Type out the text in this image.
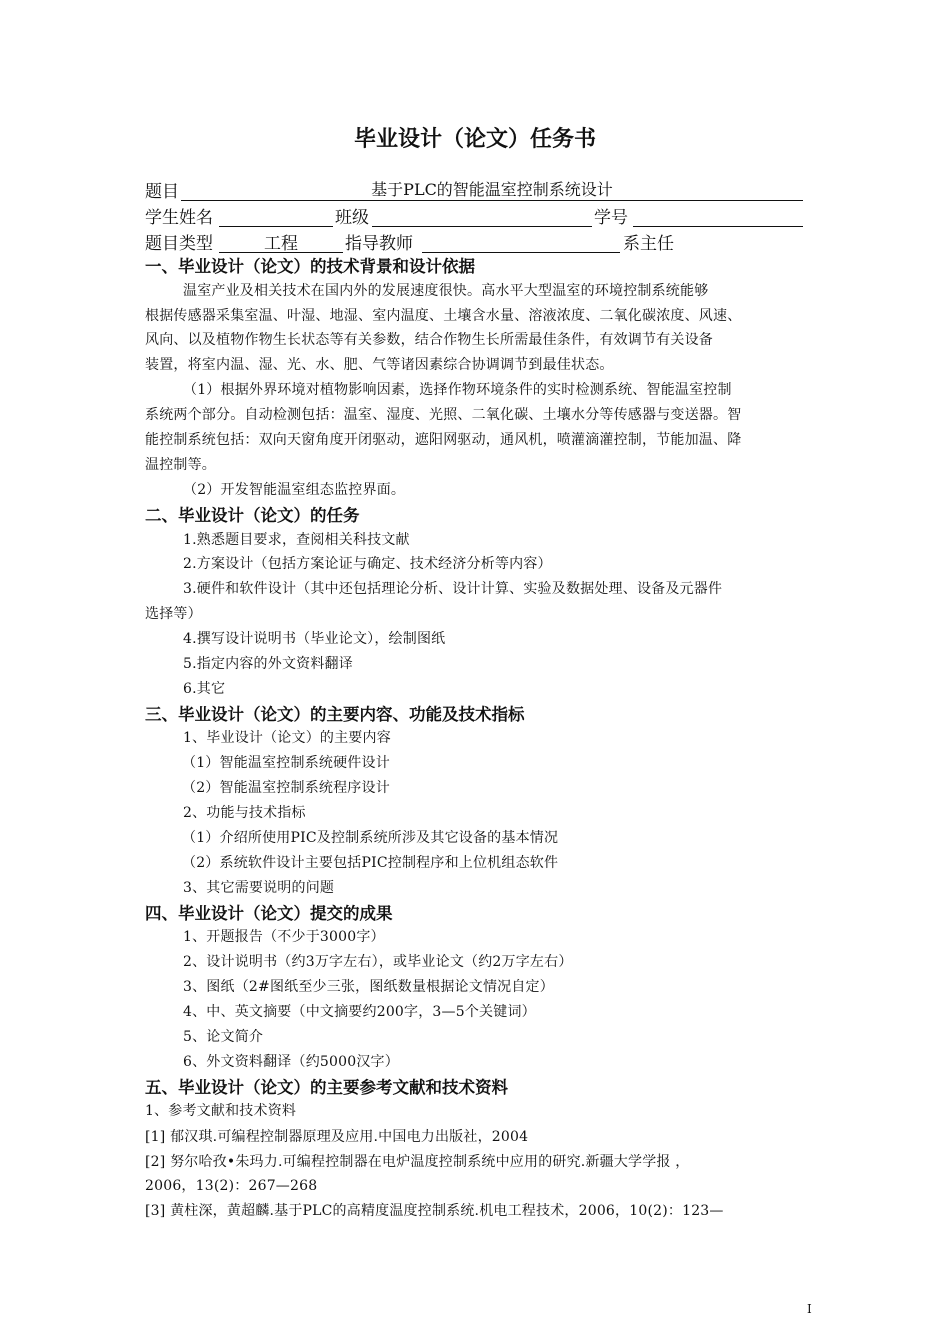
毕业设计（论文）任务书
题目	基于PLC的智能温室控制系统设计
学生姓名	班级	学号
题目类型	工程	指导教师	系主任
一、毕业设计（论文）的技术背景和设计依据
温室产业及相关技术在国内外的发展速度很快。高水平大型温室的环境控制系统能够
根据传感器采集室温、叶湿、地湿、室内温度、土壤含水量、溶液浓度、二氧化碳浓度、风速、
风向、以及植物作物生长状态等有关参数，结合作物生长所需最佳条件，有效调节有关设备
装置，将室内温、湿、光、水、肥、气等诸因素综合协调调节到最佳状态。
（1）根据外界环境对植物影响因素，选择作物环境条件的实时检测系统、智能温室控制
系统两个部分。自动检测包括：温室、湿度、光照、二氧化碳、土壤水分等传感器与变送器。智
能控制系统包括：双向天窗角度开闭驱动，遮阳网驱动，通风机，喷灌滴灌控制，节能加温、降
温控制等。
（2）开发智能温室组态监控界面。
二、毕业设计（论文）的任务
1.熟悉题目要求，查阅相关科技文献
2.方案设计（包括方案论证与确定、技术经济分析等内容）
3.硬件和软件设计（其中还包括理论分析、设计计算、实验及数据处理、设备及元器件
选择等）
4.撰写设计说明书（毕业论文），绘制图纸
5.指定内容的外文资料翻译
6.其它
三、毕业设计（论文）的主要内容、功能及技术指标
1、毕业设计（论文）的主要内容
（1）智能温室控制系统硬件设计
（2）智能温室控制系统程序设计
2、功能与技术指标
（1）介绍所使用PIC及控制系统所涉及其它设备的基本情况
（2）系统软件设计主要包括PIC控制程序和上位机组态软件
3、其它需要说明的问题
四、毕业设计（论文）提交的成果
1、开题报告（不少于3000字）
2、设计说明书（约3万字左右），或毕业论文（约2万字左右）
3、图纸（2#图纸至少三张，图纸数量根据论文情况自定）
4、中、英文摘要（中文摘要约200字，3—5个关键词）
5、论文简介
6、外文资料翻译（约5000汉字）
五、毕业设计（论文）的主要参考文献和技术资料
1、参考文献和技术资料
[1] 郁汉琪.可编程控制器原理及应用.中国电力出版社，2004
[2] 努尔哈孜•朱玛力.可编程控制器在电炉温度控制系统中应用的研究.新疆大学学报 ，
2006，13(2)：267—268
[3] 黄柱深，黄超麟.基于PLC的高精度温度控制系统.机电工程技术，2006，10(2)：123—
I
